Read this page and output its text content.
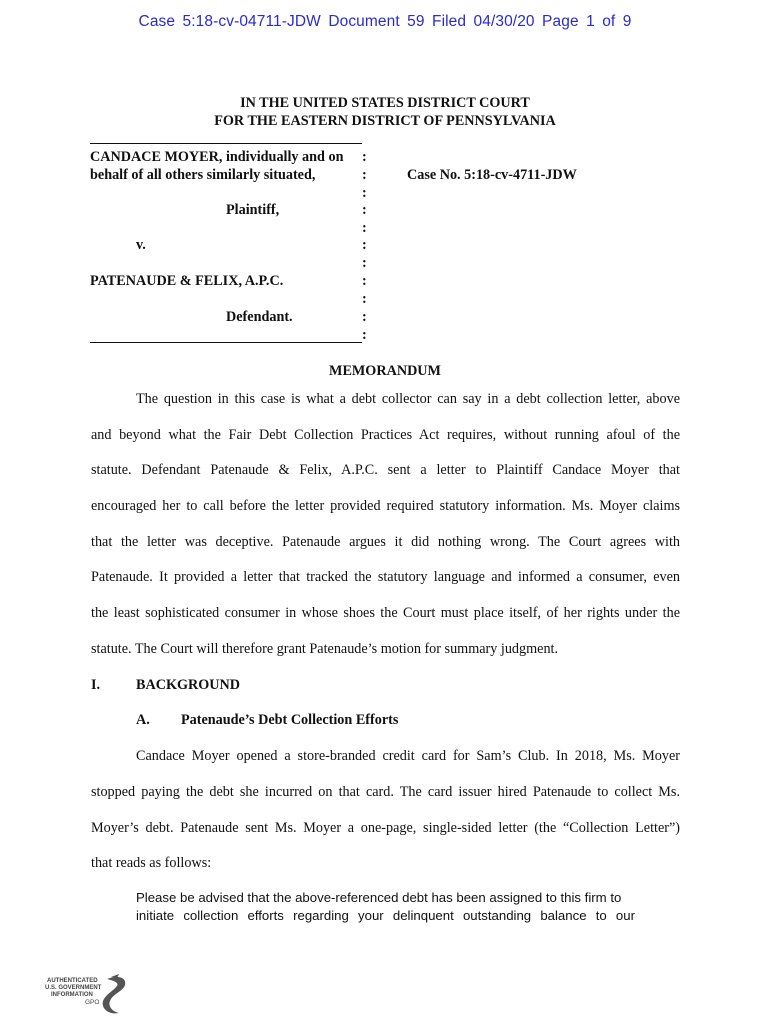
Case 5:18-cv-04711-JDW Document 59 Filed 04/30/20 Page 1 of 9
IN THE UNITED STATES DISTRICT COURT
FOR THE EASTERN DISTRICT OF PENNSYLVANIA
CANDACE MOYER, individually and on
behalf of all others similarly situated,
Plaintiff,
v.
PATENAUDE & FELIX, A.P.C.
Defendant.
:
:
:
:
:
:
:
:
:
:
:
Case No. 5:18-cv-4711-JDW
MEMORANDUM
The question in this case is what a debt collector can say in a debt collection letter, above
and beyond what the Fair Debt Collection Practices Act requires, without running afoul of the
statute. Defendant Patenaude & Felix, A.P.C. sent a letter to Plaintiff Candace Moyer that
encouraged her to call before the letter provided required statutory information. Ms. Moyer claims
that the letter was deceptive. Patenaude argues it did nothing wrong. The Court agrees with
Patenaude. It provided a letter that tracked the statutory language and informed a consumer, even
the least sophisticated consumer in whose shoes the Court must place itself, of her rights under the
statute. The Court will therefore grant Patenaude’s motion for summary judgment.
I.	BACKGROUND
A. Patenaude’s Debt Collection Efforts
Candace Moyer opened a store-branded credit card for Sam’s Club. In 2018, Ms. Moyer
stopped paying the debt she incurred on that card. The card issuer hired Patenaude to collect Ms.
Moyer’s debt. Patenaude sent Ms. Moyer a one-page, single-sided letter (the “Collection Letter”)
that reads as follows:
Please be advised that the above-referenced debt has been assigned to this firm to
initiate collection efforts regarding your delinquent outstanding balance to our
AUTHENTICATED
U.S. GOVERNMENT
INFORMATION
GPO
